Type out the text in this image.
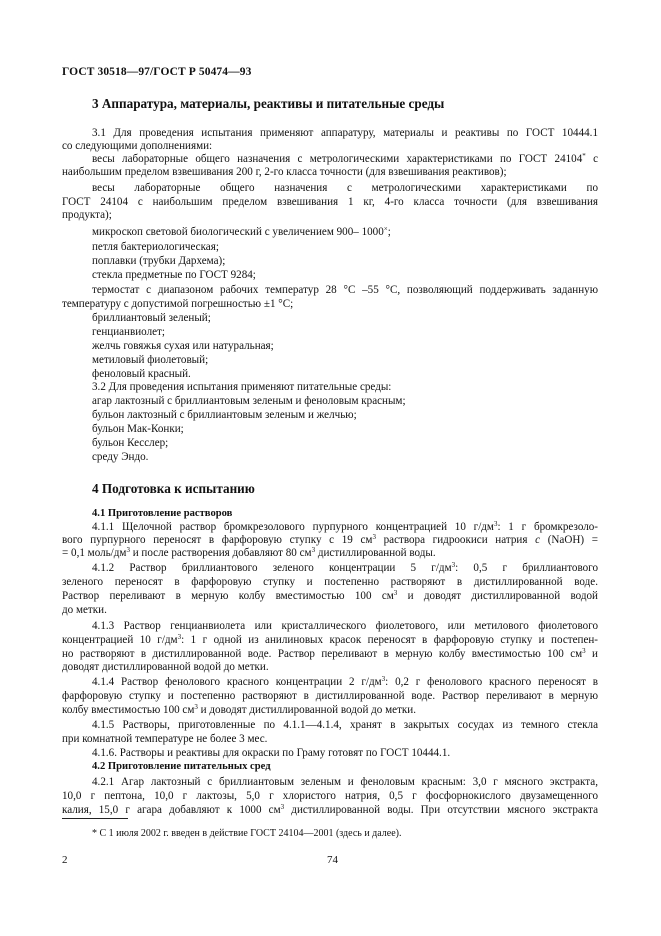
ГОСТ 30518—97/ГОСТ Р 50474—93
3 Аппаратура, материалы, реактивы и питательные среды
3.1 Для проведения испытания применяют аппаратуру, материалы и реактивы по ГОСТ 10444.1
со следующими дополнениями:
весы лабораторные общего назначения с метрологическими характеристиками по ГОСТ 24104* с
наибольшим пределом взвешивания 200 г, 2-го класса точности (для взвешивания реактивов);
весы лабораторные общего назначения с метрологическими характеристиками по
ГОСТ 24104 с наибольшим пределом взвешивания 1 кг, 4-го класса точности (для взвешивания
продукта);
микроскоп световой биологический с увеличением 900– 1000×;
петля бактериологическая;
поплавки (трубки Дархема);
стекла предметные по ГОСТ 9284;
термостат с диапазоном рабочих температур 28 °С –55 °С, позволяющий поддерживать заданную
температуру с допустимой погрешностью ±1 °С;
бриллиантовый зеленый;
генцианвиолет;
желчь говяжья сухая или натуральная;
метиловый фиолетовый;
феноловый красный.
3.2 Для проведения испытания применяют питательные среды:
агар лактозный с бриллиантовым зеленым и феноловым красным;
бульон лактозный с бриллиантовым зеленым и желчью;
бульон Мак-Конки;
бульон Кесслер;
среду Эндо.
4 Подготовка к испытанию
4.1 Приготовление растворов
4.1.1 Щелочной раствор бромкрезолового пурпурного концентрацией 10 $г/дм^3$: 1 г бромкрезоло-
вого пурпурного переносят в фарфоровую ступку с 19 $см^3$ раствора гидроокиси натрия c (NaOH) =
= 0,1 моль/$дм^3$ и после растворения добавляют 80 $см^3$ дистиллированной воды.
4.1.2 Раствор бриллиантового зеленого концентрации 5 $г/дм^3$: 0,5 г бриллиантового
зеленого переносят в фарфоровую ступку и постепенно растворяют в дистиллированной воде.
Раствор переливают в мерную колбу вместимостью 100 $см^3$ и доводят дистиллированной водой
до метки.
4.1.3 Раствор генцианвиолета или кристаллического фиолетового, или метилового фиолетового
концентрацией 10 $г/дм^3$: 1 г одной из анилиновых красок переносят в фарфоровую ступку и постепен-
но растворяют в дистиллированной воде. Раствор переливают в мерную колбу вместимостью 100 $см^3$ и
доводят дистиллированной водой до метки.
4.1.4 Раствор фенолового красного концентрации 2 $г/дм^3$: 0,2 г фенолового красного переносят в
фарфоровую ступку и постепенно растворяют в дистиллированной воде. Раствор переливают в мерную
колбу вместимостью 100 $см^3$ и доводят дистиллированной водой до метки.
4.1.5 Растворы, приготовленные по 4.1.1—4.1.4, хранят в закрытых сосудах из темного стекла
при комнатной температуре не более 3 мес.
4.1.6. Растворы и реактивы для окраски по Граму готовят по ГОСТ 10444.1.
4.2 Приготовление питательных сред
4.2.1 Агар лактозный с бриллиантовым зеленым и феноловым красным: 3,0 г мясного экстракта,
10,0 г пептона, 10,0 г лактозы, 5,0 г хлористого натрия, 0,5 г фосфорнокислого двузамещенного
калия, 15,0 г агара добавляют к 1000 $см^3$ дистиллированной воды. При отсутствии мясного экстракта
* С 1 июля 2002 г. введен в действие ГОСТ 24104—2001 (здесь и далее).
2	74
